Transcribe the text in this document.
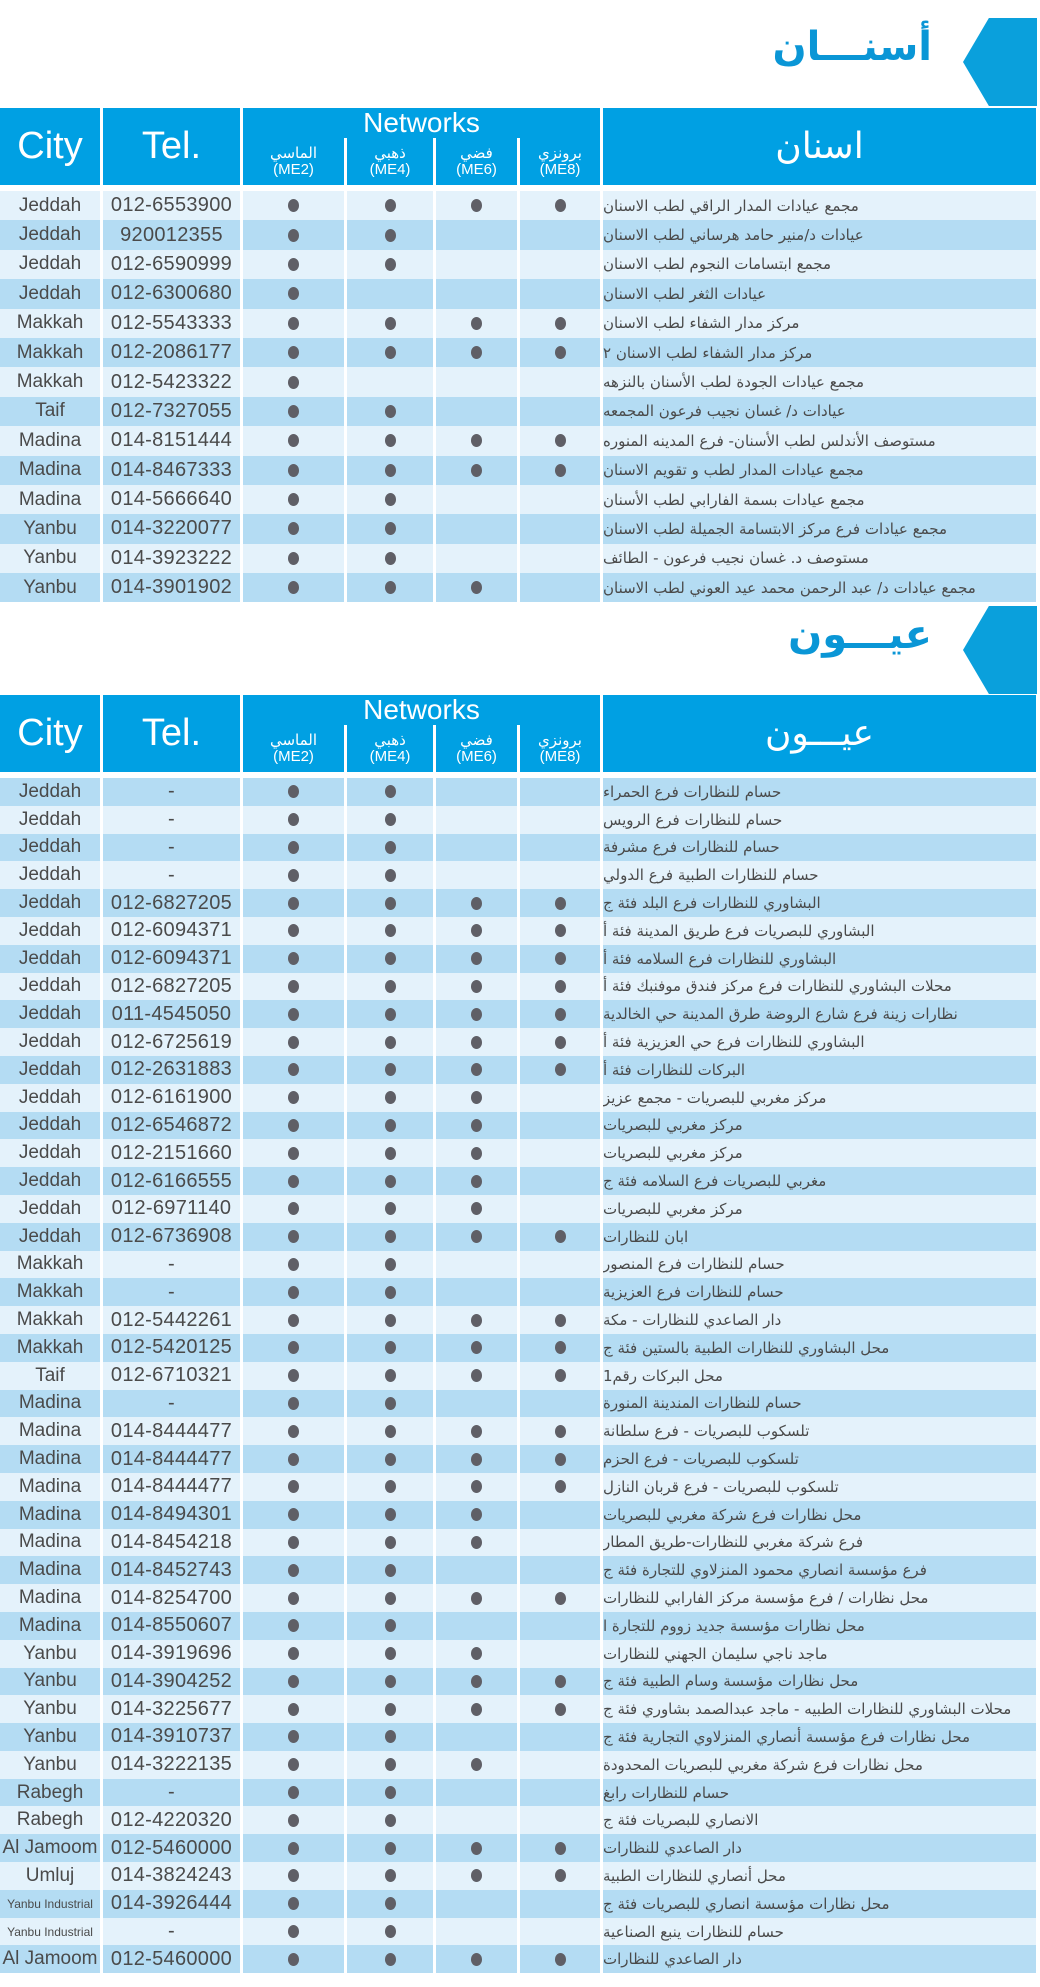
أسنـــان
City	Tel.
Networks
الماسي
(ME2)
ذهبي
(ME4)
فضي
(ME6)
برونزي
(ME8)
اسنان
Jeddah	012-6553900	مجمع عيادات المدار الراقي لطب الاسنان
Jeddah	920012355	عيادات د/منير حامد هرساني لطب الاسنان
Jeddah	012-6590999	مجمع ابتسامات النجوم لطب الاسنان
Jeddah	012-6300680	عيادات الثغر لطب الاسنان
Makkah	012-5543333	مركز مدار الشفاء لطب الاسنان
Makkah	012-2086177	مركز مدار الشفاء لطب الاسنان ٢
Makkah	012-5423322	مجمع عيادات الجودة لطب الأسنان بالنزهه
Taif	012-7327055	عيادات د/ غسان نجيب فرعون المجمعه
Madina	014-8151444	مستوصف الأندلس لطب الأسنان- فرع المدينه المنوره
Madina	014-8467333	مجمع عيادات المدار لطب و تقويم الاسنان
Madina	014-5666640	مجمع عيادات بسمة الفارابي لطب الأسنان
Yanbu	014-3220077	مجمع عيادات فرع مركز الابتسامة الجميلة لطب الاسنان
Yanbu	014-3923222	مستوصف د. غسان نجيب فرعون - الطائف
Yanbu	014-3901902	مجمع عيادات د/ عبد الرحمن محمد عيد العوني لطب الاسنان
عيـــون
City	Tel.
Networks
الماسي
(ME2)
ذهبي
(ME4)
فضي
(ME6)
برونزي
(ME8)
عيـــون
Jeddah	-	حسام للنظارات فرع الحمراء
Jeddah	-	حسام للنظارات فرع الرويس
Jeddah	-	حسام للنظارات فرع مشرفة
Jeddah	-	حسام للنظارات الطبية فرع الدولي
Jeddah	012-6827205	البشاوري للنظارات فرع البلد فئة ج
Jeddah	012-6094371	البشاوري للبصريات فرع طريق المدينة فئة أ
Jeddah	012-6094371	البشاوري للنظارات فرع السلامه فئة أ
Jeddah	012-6827205	محلات البشاوري للنظارات فرع مركز فندق موفنبك فئة أ
Jeddah	011-4545050	نظارات زينة فرع شارع الروضة طرق المدينة حي الخالدية
Jeddah	012-6725619	البشاوري للنظارات فرع حي العزيزية فئة أ
Jeddah	012-2631883	البركات للنظارات فئة أ
Jeddah	012-6161900	مركز مغربي للبصريات - مجمع عزيز
Jeddah	012-6546872	مركز مغربي للبصريات
Jeddah	012-2151660	مركز مغربي للبصريات
Jeddah	012-6166555	مغربي للبصريات فرع السلامه فئة ج
Jeddah	012-6971140	مركز مغربي للبصريات
Jeddah	012-6736908	ابان للنظارات
Makkah	-	حسام للنظارات فرع المنصور
Makkah	-	حسام للنظارات فرع العزيزية
Makkah	012-5442261	دار الصاعدي للنظارات - مكة
Makkah	012-5420125	محل البشاوري للنظارات الطبية بالستين فئة ج
Taif	012-6710321	محل البركات رقم1
Madina	-	حسام للنظارات المندينة المنورة
Madina	014-8444477	تلسكوب للبصريات - فرع سلطانة
Madina	014-8444477	تلسكوب للبصريات - فرع الحزم
Madina	014-8444477	تلسكوب للبصريات - فرع قربان النازل
Madina	014-8494301	محل نظارات فرع شركة مغربي للبصريات
Madina	014-8454218	فرع شركة مغربي للنظارات-طريق المطار
Madina	014-8452743	فرع مؤسسة انصاري محمود المنزلاوي للتجارة فئة ج
Madina	014-8254700	محل نظارات / فرع مؤسسة مركز الفارابي للنظارات
Madina	014-8550607	محل نظارات مؤسسة جديد زووم للتجارة ا
Yanbu	014-3919696	ماجد ناجي سليمان الجهني للنظارات
Yanbu	014-3904252	محل نظارات مؤسسة وسام الطبية فئة ج
Yanbu	014-3225677	محلات البشاوري للنظارات الطبيه - ماجد عبدالصمد بشاوري فئة ج
Yanbu	014-3910737	محل نظارات فرع مؤسسة أنصاري المنزلاوي التجارية فئة ج
Yanbu	014-3222135	محل نظارات فرع شركة مغربي للبصريات المحدودة
Rabegh	-	حسام للنظارات رابغ
Rabegh	012-4220320	الانصاري للبصريات فئة ج
Al Jamoom 012-5460000	دار الصاعدي للنظارات
Umluj	014-3824243	محل أنصاري للنظارات الطبية
Yanbu Industrial 014-3926444	محل نظارات مؤسسة انصاري للبصريات فئة ج
Yanbu Industrial	-	حسام للنظارات ينبع الصناعية
Al Jamoom 012-5460000	دار الصاعدي للنظارات
